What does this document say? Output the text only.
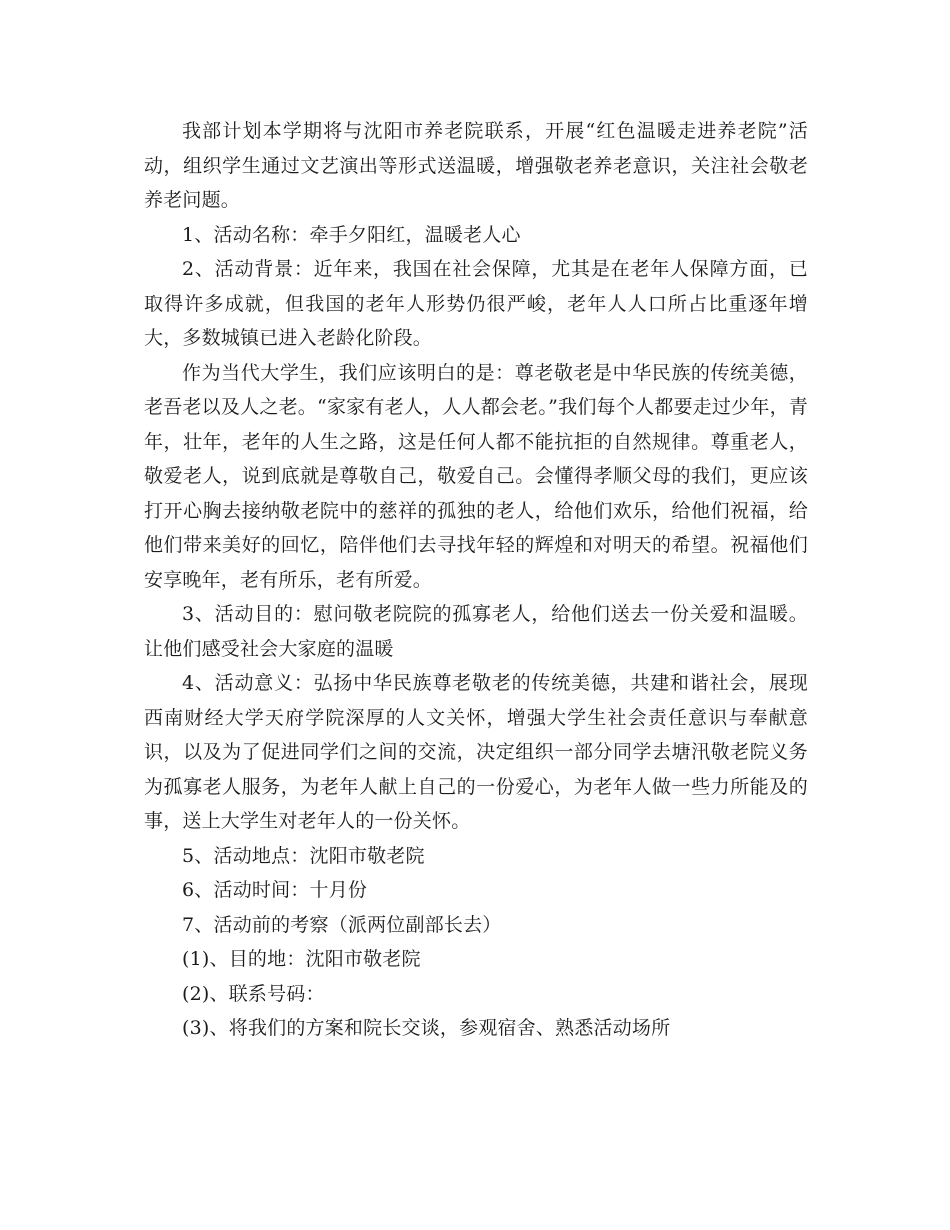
我部计划本学期将与沈阳市养老院联系，开展“红色温暖走进养老院”活动，组织学生通过文艺演出等形式送温暖，增强敬老养老意识，关注社会敬老养老问题。

1、活动名称：牵手夕阳红，温暖老人心

2、活动背景：近年来，我国在社会保障，尤其是在老年人保障方面，已取得许多成就，但我国的老年人形势仍很严峻，老年人人口所占比重逐年增大，多数城镇已进入老龄化阶段。

作为当代大学生，我们应该明白的是：尊老敬老是中华民族的传统美德，老吾老以及人之老。“家家有老人，人人都会老。”我们每个人都要走过少年，青年，壮年，老年的人生之路，这是任何人都不能抗拒的自然规律。尊重老人，敬爱老人，说到底就是尊敬自己，敬爱自己。会懂得孝顺父母的我们，更应该打开心胸去接纳敬老院中的慈祥的孤独的老人，给他们欢乐，给他们祝福，给他们带来美好的回忆，陪伴他们去寻找年轻的辉煌和对明天的希望。祝福他们安享晚年，老有所乐，老有所爱。

3、活动目的：慰问敬老院院的孤寡老人，给他们送去一份关爱和温暖。让他们感受社会大家庭的温暖

4、活动意义：弘扬中华民族尊老敬老的传统美德，共建和谐社会，展现西南财经大学天府学院深厚的人文关怀，增强大学生社会责任意识与奉献意识，以及为了促进同学们之间的交流，决定组织一部分同学去塘汛敬老院义务为孤寡老人服务，为老年人献上自己的一份爱心，为老年人做一些力所能及的事，送上大学生对老年人的一份关怀。

5、活动地点：沈阳市敬老院

6、活动时间：十月份

7、活动前的考察（派两位副部长去）

(1)、目的地：沈阳市敬老院

(2)、联系号码：

(3)、将我们的方案和院长交谈，参观宿舍、熟悉活动场所
